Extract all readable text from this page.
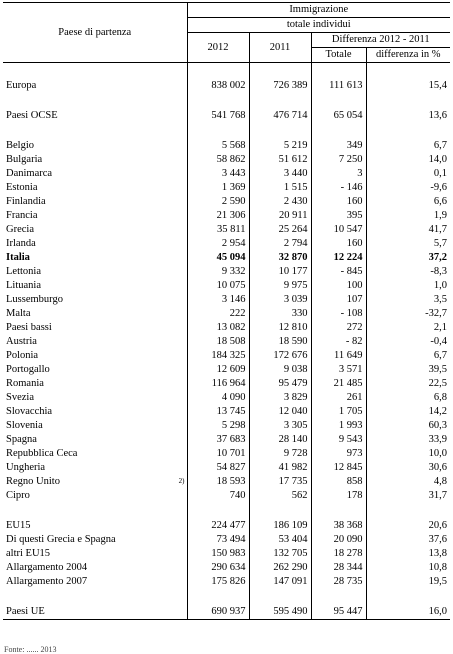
Paese di partenza	Immigrazione			
	totale individui			
	2012	2011	Differenza 2012 - 2011	
			Totale	differenza in %

Europa	838 002	726 389	111 613	15,4

Paesi OCSE	541 768	476 714	65 054	13,6

Belgio	5 568	5 219	349	6,7
Bulgaria	58 862	51 612	7 250	14,0
Danimarca	3 443	3 440	3	0,1
Estonia	1 369	1 515	- 146	-9,6
Finlandia	2 590	2 430	160	6,6
Francia	21 306	20 911	395	1,9
Grecia	35 811	25 264	10 547	41,7
Irlanda	2 954	2 794	160	5,7
Italia	45 094	32 870	12 224	37,2
Lettonia	9 332	10 177	- 845	-8,3
Lituania	10 075	9 975	100	1,0
Lussemburgo	3 146	3 039	107	3,5
Malta	222	330	- 108	-32,7
Paesi bassi	13 082	12 810	272	2,1
Austria	18 508	18 590	- 82	-0,4
Polonia	184 325	172 676	11 649	6,7
Portogallo	12 609	9 038	3 571	39,5
Romania	116 964	95 479	21 485	22,5
Svezia	4 090	3 829	261	6,8
Slovacchia	13 745	12 040	1 705	14,2
Slovenia	5 298	3 305	1 993	60,3
Spagna	37 683	28 140	9 543	33,9
Repubblica Ceca	10 701	9 728	973	10,0
Ungheria	54 827	41 982	12 845	30,6
Regno Unito 2)	18 593	17 735	858	4,8
Cipro	740	562	178	31,7

EU15	224 477	186 109	38 368	20,6
Di questi Grecia e Spagna	73 494	53 404	20 090	37,6
altri EU15	150 983	132 705	18 278	13,8
Allargamento 2004	290 634	262 290	28 344	10,8
Allargamento 2007	175 826	147 091	28 735	19,5

Paesi UE	690 937	595 490	95 447	16,0
Fonte: ...... 2013
